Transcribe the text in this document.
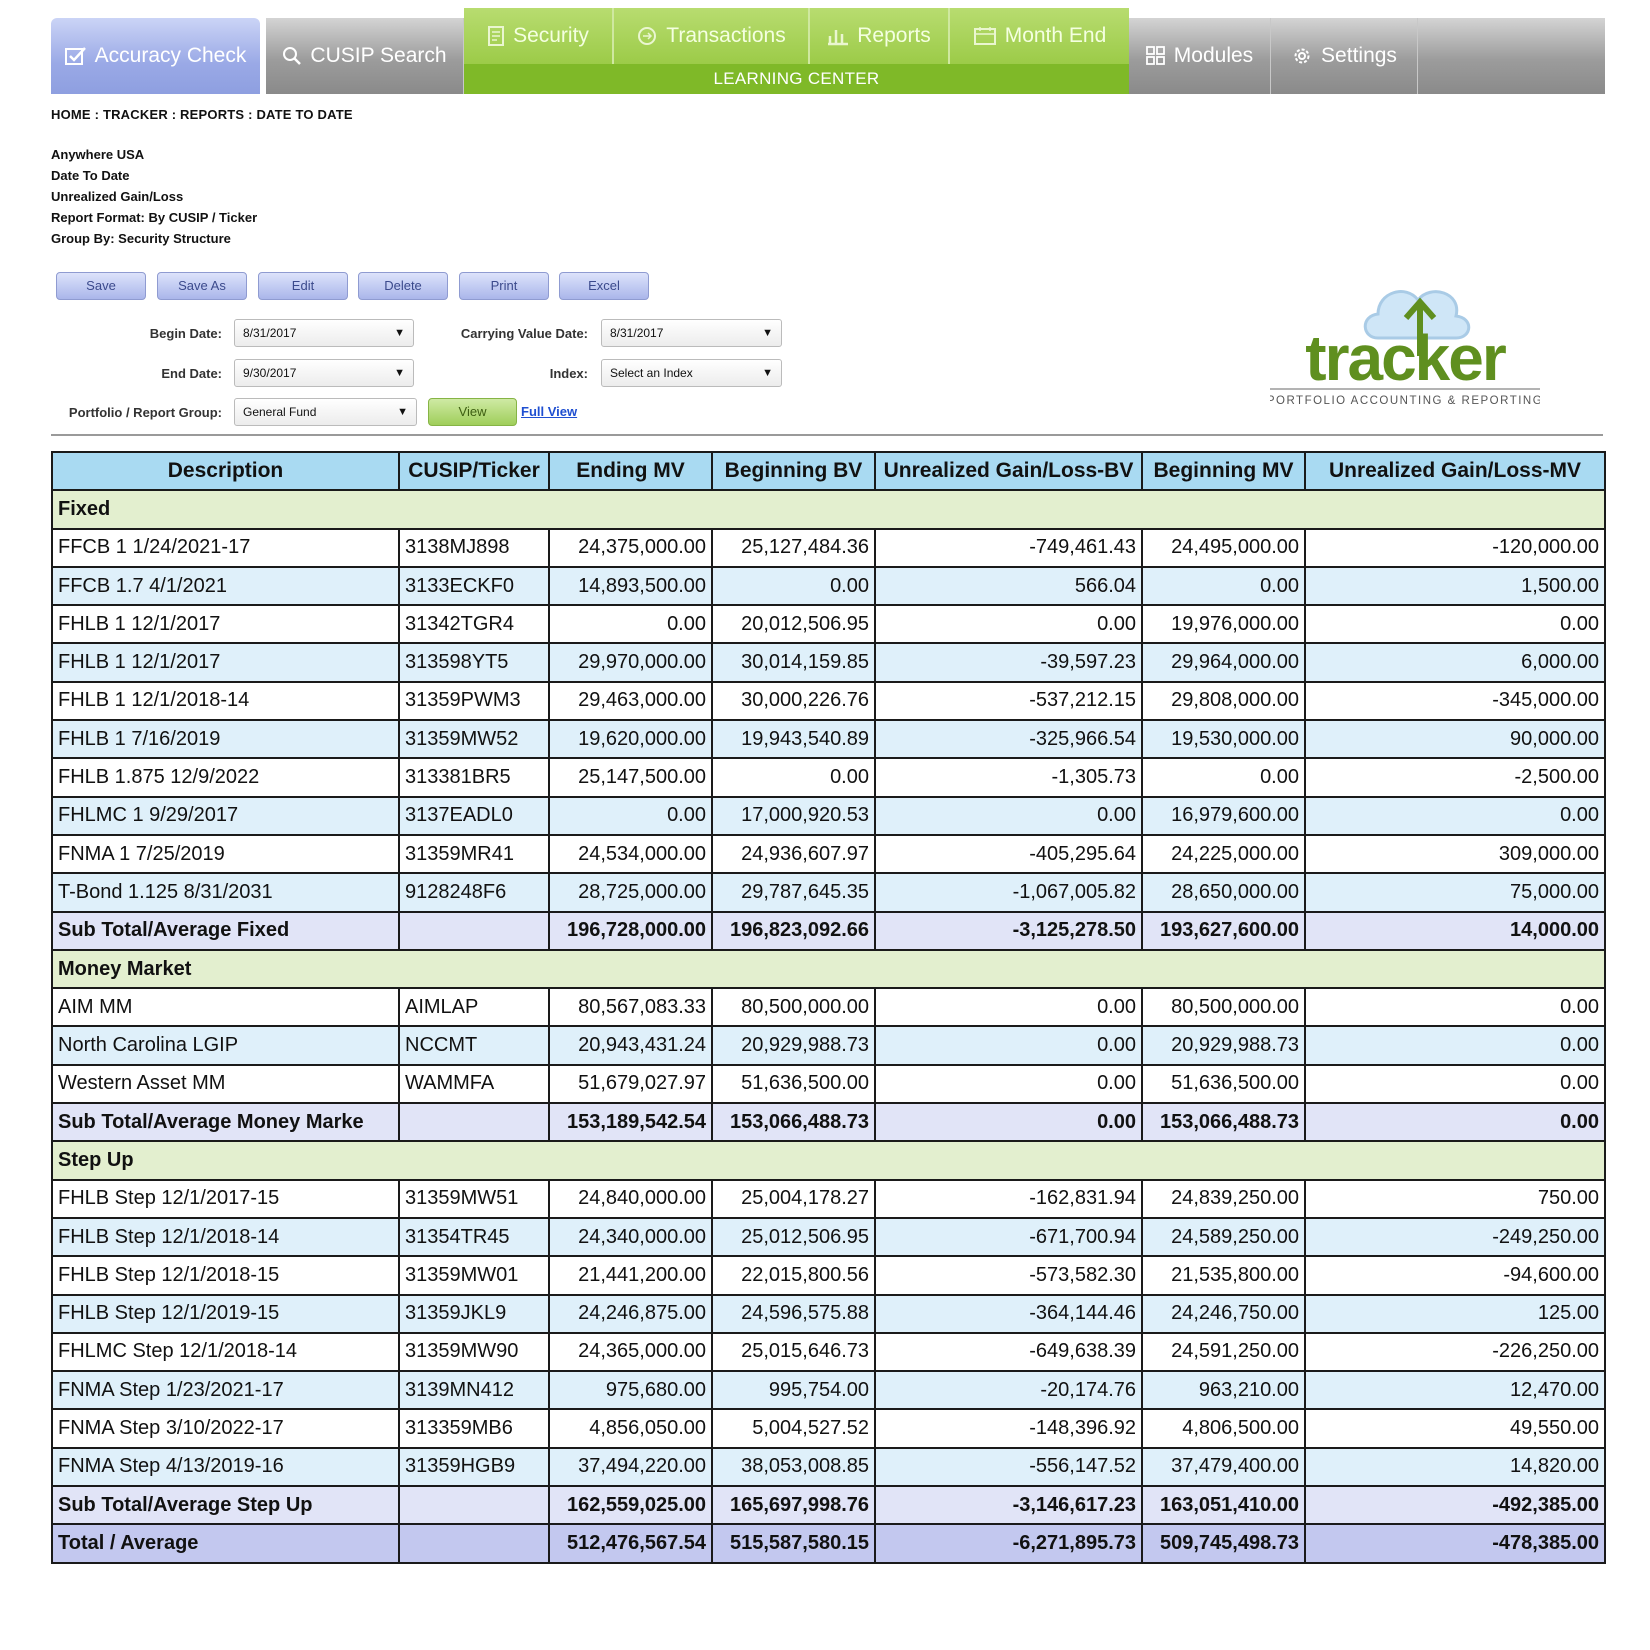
Accuracy Check	CUSIP Search
Security	Transactions	Reports	Month End
LEARNING CENTER
Modules	Settings
HOME : TRACKER : REPORTS : DATE TO DATE
Anywhere USA
Date To Date
Unrealized Gain/Loss
Report Format: By CUSIP / Ticker
Group By: Security Structure
Save	Save As	Edit	Delete	Print	Excel
Begin Date:	8/31/2017	▼
End Date:	9/30/2017	▼
Portfolio / Report Group:	General Fund	▼	View	Full View
Carrying Value Date:	8/31/2017	▼
Index:	Select an Index	▼	tracker
PORTFOLIO ACCOUNTING & REPORTING
Description	CUSIP/Ticker	Ending MV	Beginning BV	Unrealized Gain/Loss-BV	Beginning MV	Unrealized Gain/Loss-MV
Fixed						
FFCB 1 1/24/2021-17	3138MJ898	24,375,000.00	25,127,484.36	-749,461.43	24,495,000.00	-120,000.00
FFCB 1.7 4/1/2021	3133ECKF0	14,893,500.00	0.00	566.04	0.00	1,500.00
FHLB 1 12/1/2017	31342TGR4	0.00	20,012,506.95	0.00	19,976,000.00	0.00
FHLB 1 12/1/2017	313598YT5	29,970,000.00	30,014,159.85	-39,597.23	29,964,000.00	6,000.00
FHLB 1 12/1/2018-14	31359PWM3	29,463,000.00	30,000,226.76	-537,212.15	29,808,000.00	-345,000.00
FHLB 1 7/16/2019	31359MW52	19,620,000.00	19,943,540.89	-325,966.54	19,530,000.00	90,000.00
FHLB 1.875 12/9/2022	313381BR5	25,147,500.00	0.00	-1,305.73	0.00	-2,500.00
FHLMC 1 9/29/2017	3137EADL0	0.00	17,000,920.53	0.00	16,979,600.00	0.00
FNMA 1 7/25/2019	31359MR41	24,534,000.00	24,936,607.97	-405,295.64	24,225,000.00	309,000.00
T-Bond 1.125 8/31/2031	9128248F6	28,725,000.00	29,787,645.35	-1,067,005.82	28,650,000.00	75,000.00
Sub Total/Average Fixed		196,728,000.00	196,823,092.66	-3,125,278.50	193,627,600.00	14,000.00
Money Market						
AIM MM	AIMLAP	80,567,083.33	80,500,000.00	0.00	80,500,000.00	0.00
North Carolina LGIP	NCCMT	20,943,431.24	20,929,988.73	0.00	20,929,988.73	0.00
Western Asset MM	WAMMFA	51,679,027.97	51,636,500.00	0.00	51,636,500.00	0.00
Sub Total/Average Money Marke		153,189,542.54	153,066,488.73	0.00	153,066,488.73	0.00
Step Up						
FHLB Step 12/1/2017-15	31359MW51	24,840,000.00	25,004,178.27	-162,831.94	24,839,250.00	750.00
FHLB Step 12/1/2018-14	31354TR45	24,340,000.00	25,012,506.95	-671,700.94	24,589,250.00	-249,250.00
FHLB Step 12/1/2018-15	31359MW01	21,441,200.00	22,015,800.56	-573,582.30	21,535,800.00	-94,600.00
FHLB Step 12/1/2019-15	31359JKL9	24,246,875.00	24,596,575.88	-364,144.46	24,246,750.00	125.00
FHLMC Step 12/1/2018-14	31359MW90	24,365,000.00	25,015,646.73	-649,638.39	24,591,250.00	-226,250.00
FNMA Step 1/23/2021-17	3139MN412	975,680.00	995,754.00	-20,174.76	963,210.00	12,470.00
FNMA Step 3/10/2022-17	313359MB6	4,856,050.00	5,004,527.52	-148,396.92	4,806,500.00	49,550.00
FNMA Step 4/13/2019-16	31359HGB9	37,494,220.00	38,053,008.85	-556,147.52	37,479,400.00	14,820.00
Sub Total/Average Step Up		162,559,025.00	165,697,998.76	-3,146,617.23	163,051,410.00	-492,385.00
Total / Average		512,476,567.54	515,587,580.15	-6,271,895.73	509,745,498.73	-478,385.00
